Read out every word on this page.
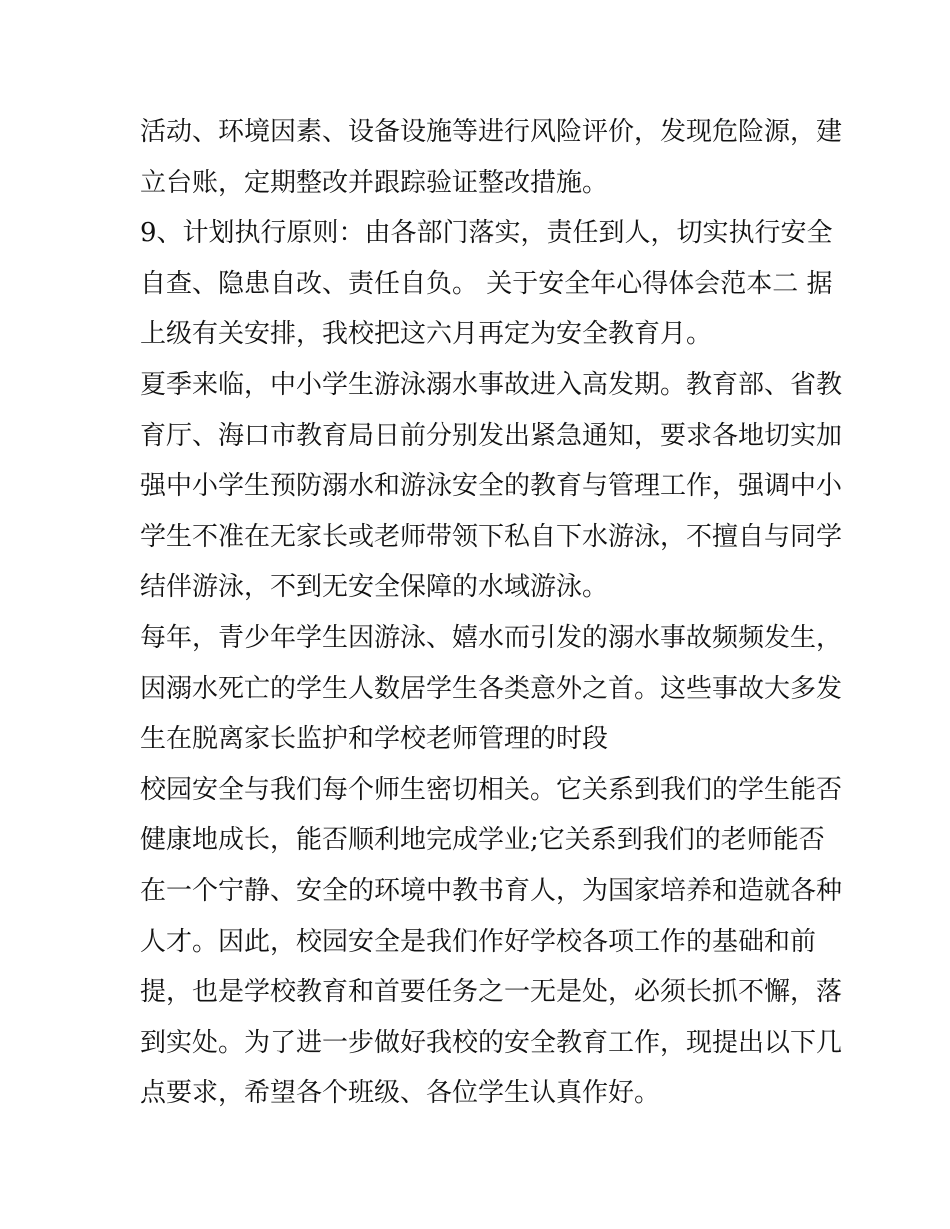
活动、环境因素、设备设施等进行风险评价，发现危险源，建
立台账，定期整改并跟踪验证整改措施。
9、计划执行原则：由各部门落实，责任到人，切实执行安全
自查、隐患自改、责任自负。 关于安全年心得体会范本二 据
上级有关安排，我校把这六月再定为安全教育月。
夏季来临，中小学生游泳溺水事故进入高发期。教育部、省教
育厅、海口市教育局日前分别发出紧急通知，要求各地切实加
强中小学生预防溺水和游泳安全的教育与管理工作，强调中小
学生不准在无家长或老师带领下私自下水游泳，不擅自与同学
结伴游泳，不到无安全保障的水域游泳。
每年，青少年学生因游泳、嬉水而引发的溺水事故频频发生，
因溺水死亡的学生人数居学生各类意外之首。这些事故大多发
生在脱离家长监护和学校老师管理的时段
校园安全与我们每个师生密切相关。它关系到我们的学生能否
健康地成长，能否顺利地完成学业;它关系到我们的老师能否
在一个宁静、安全的环境中教书育人，为国家培养和造就各种
人才。因此，校园安全是我们作好学校各项工作的基础和前
提，也是学校教育和首要任务之一无是处，必须长抓不懈，落
到实处。为了进一步做好我校的安全教育工作，现提出以下几
点要求，希望各个班级、各位学生认真作好。
